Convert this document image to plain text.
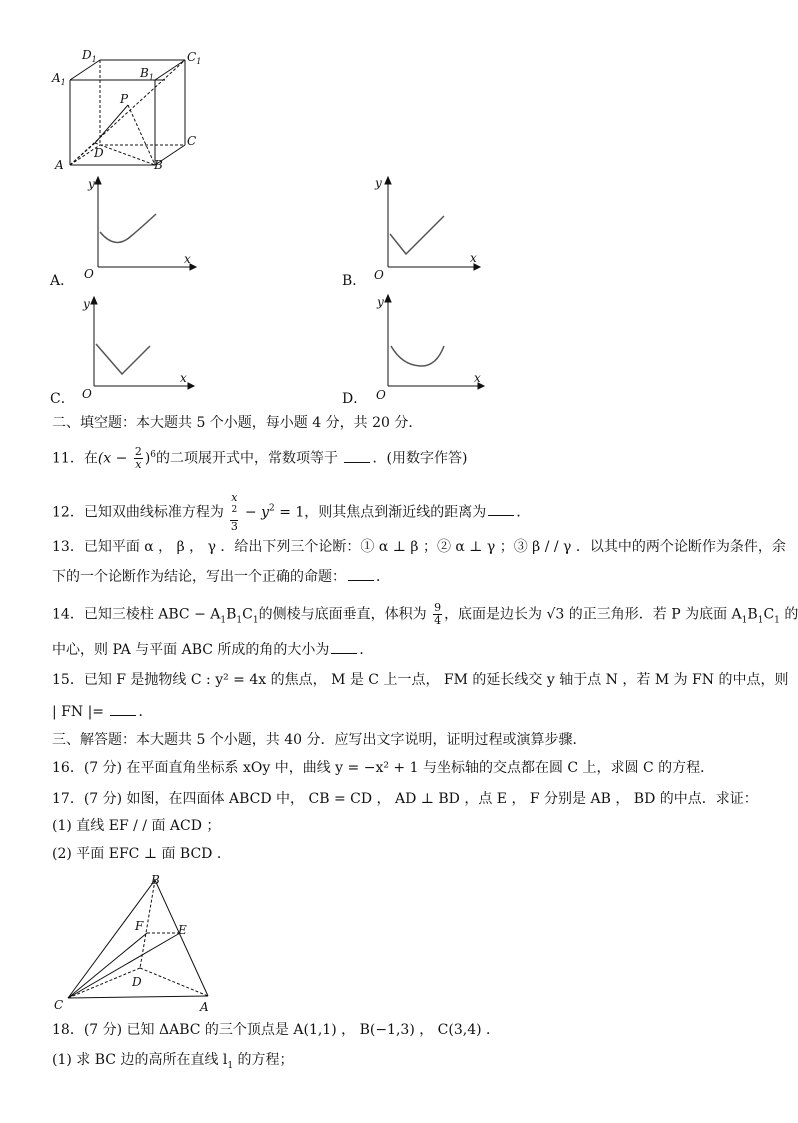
$D_1$	$C_1$
$A_1$
$B_1$
P
C
A
D
B
A．
y
x
O	B．
y
x
O
C．
y
x
O	D．
y
x
O
二、填空题：本大题共 5 个小题，每小题 4 分，共 20 分．
11．在$(x - \frac{2}{x} )^6$的二项展开式中，常数项等于 ．(用数字作答)
12．已知双曲线标准方程为 x
$^2$
$3 - y^2 = 1$，则其焦点到渐近线的距离为 ．
13．已知平面 α ， β ， γ ．给出下列三个论断：① α ⊥ β ；② α ⊥ γ ；③ β / / γ ．以其中的两个论断作为条件，余
下的一个论断作为结论，写出一个正确的命题： ．
14．已知三棱柱 ABC − $A_1B_1C_1$的侧棱与底面垂直，体积为 $\frac{9}{4}$ ，底面是边长为 √3 的正三角形．若 P 为底面 $A_1B_1C_1$ 的
中心，则 PA 与平面 ABC 所成的角的大小为 ．
15．已知 F 是抛物线 C : y² = 4x 的焦点， M 是 C 上一点， FM 的延长线交 y 轴于点 N ，若 M 为 FN 的中点，则
| FN |= ．
三、解答题：本大题共 5 个小题，共 40 分．应写出文字说明，证明过程或演算步骤．
16．(7 分) 在平面直角坐标系 xOy 中，曲线 y = −x² + 1 与坐标轴的交点都在圆 C 上，求圆 C 的方程．
17．(7 分) 如图，在四面体 ABCD 中， CB = CD ， AD ⊥ BD ，点 E ， F 分别是 AB ， BD 的中点．求证：
(1) 直线 EF / / 面 ACD ；
(2) 平面 EFC ⊥ 面 BCD ．
B
E
F
D
C	A
18．(7 分) 已知 ΔABC 的三个顶点是 A(1,1) ， B(−1,3) ， C(3,4) ．
(1) 求 BC 边的高所在直线 $l_1$ 的方程；
